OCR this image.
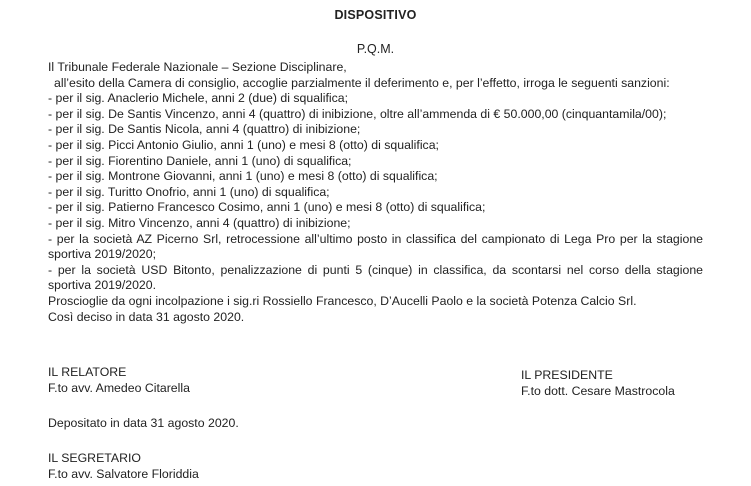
DISPOSITIVO
P.Q.M.
Il Tribunale Federale Nazionale – Sezione Disciplinare,
all’esito della Camera di consiglio, accoglie parzialmente il deferimento e, per l’effetto, irroga le seguenti sanzioni:
- per il sig. Anaclerio Michele, anni 2 (due) di squalifica;
- per il sig. De Santis Vincenzo, anni 4 (quattro) di inibizione, oltre all’ammenda di € 50.000,00 (cinquantamila/00);
- per il sig. De Santis Nicola, anni 4 (quattro) di inibizione;
- per il sig. Picci Antonio Giulio, anni 1 (uno) e mesi 8 (otto) di squalifica;
- per il sig. Fiorentino Daniele, anni 1 (uno) di squalifica;
- per il sig. Montrone Giovanni, anni 1 (uno) e mesi 8 (otto) di squalifica;
- per il sig. Turitto Onofrio, anni 1 (uno) di squalifica;
- per il sig. Patierno Francesco Cosimo, anni 1 (uno) e mesi 8 (otto) di squalifica;
- per il sig. Mitro Vincenzo, anni 4 (quattro) di inibizione;
- per la società AZ Picerno Srl, retrocessione all’ultimo posto in classifica del campionato di Lega Pro per la stagione
sportiva 2019/2020;
- per la società USD Bitonto, penalizzazione di punti 5 (cinque) in classifica, da scontarsi nel corso della stagione
sportiva 2019/2020.
Proscioglie da ogni incolpazione i sig.ri Rossiello Francesco, D’Aucelli Paolo e la società Potenza Calcio Srl.
Così deciso in data 31 agosto 2020.
IL RELATORE
F.to avv. Amedeo Citarella
IL PRESIDENTE
F.to dott. Cesare Mastrocola
Depositato in data 31 agosto 2020.
IL SEGRETARIO
F.to avv. Salvatore Floriddia
